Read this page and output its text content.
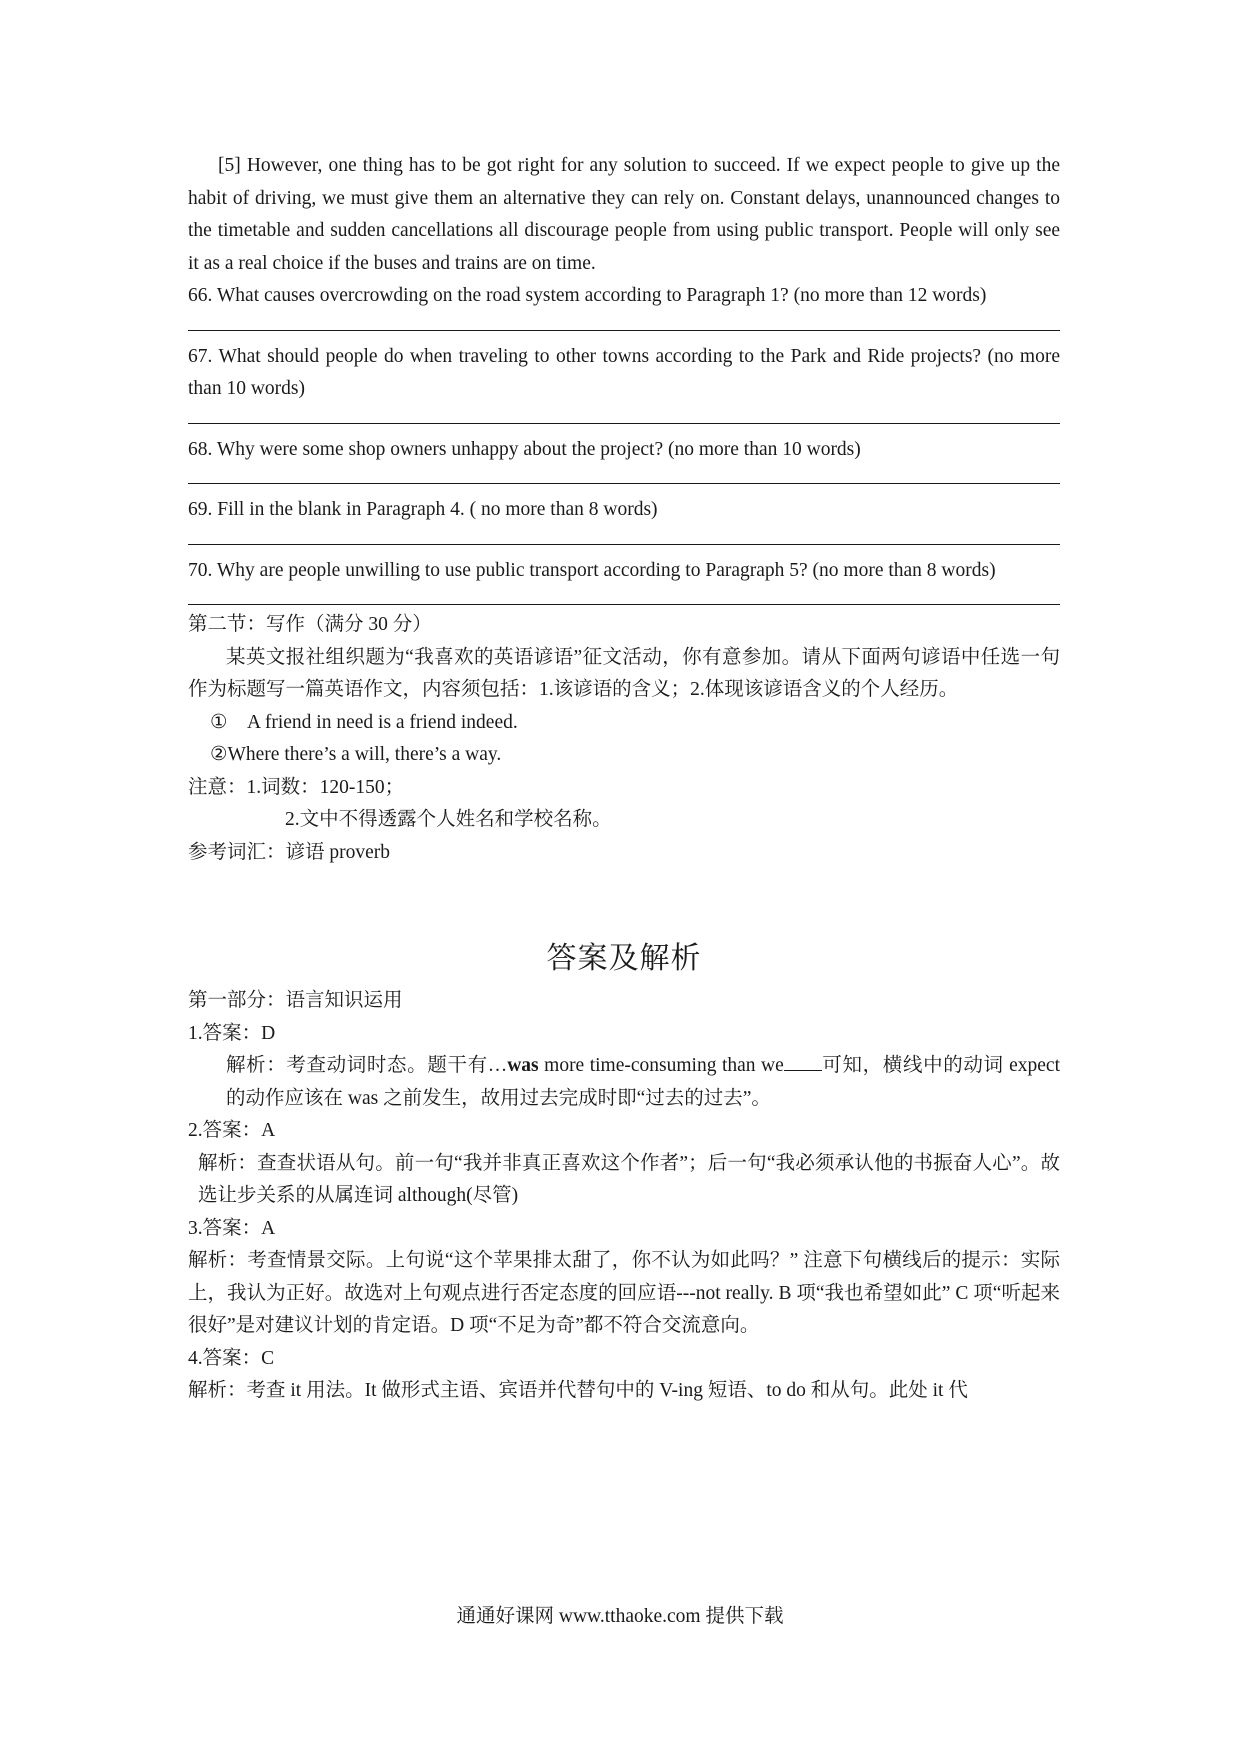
[5] However, one thing has to be got right for any solution to succeed. If we expect people to give up the habit of driving, we must give them an alternative they can rely on. Constant delays, unannounced changes to the timetable and sudden cancellations all discourage people from using public transport. People will only see it as a real choice if the buses and trains are on time.

66. What causes overcrowding on the road system according to Paragraph 1? (no more than 12 words)

67. What should people do when traveling to other towns according to the Park and Ride projects? (no more than 10 words)

68. Why were some shop owners unhappy about the project? (no more than 10 words)

69. Fill in the blank in Paragraph 4. ( no more than 8 words)

70. Why are people unwilling to use public transport according to Paragraph 5? (no more than 8 words)

第二节：写作（满分 30 分）

某英文报社组织题为“我喜欢的英语谚语”征文活动，你有意参加。请从下面两句谚语中任选一句作为标题写一篇英语作文，内容须包括：1.该谚语的含义；2.体现该谚语含义的个人经历。

①　A friend in need is a friend indeed.

②Where there’s a will, there’s a way.

注意：1.词数：120-150；

2.文中不得透露个人姓名和学校名称。

参考词汇：谚语 proverb

答案及解析

第一部分：语言知识运用

1.答案：D

解析：考查动词时态。题干有…was more time-consuming than we 可知，横线中的动词 expect 的动作应该在 was 之前发生，故用过去完成时即“过去的过去”。

2.答案：A

解析：查查状语从句。前一句“我并非真正喜欢这个作者”；后一句“我必须承认他的书振奋人心”。故选让步关系的从属连词 although(尽管)

3.答案：A

解析：考查情景交际。上句说“这个苹果排太甜了，你不认为如此吗？” 注意下句横线后的提示：实际上，我认为正好。故选对上句观点进行否定态度的回应语---not really. B 项“我也希望如此” C 项“听起来很好”是对建议计划的肯定语。D 项“不足为奇”都不符合交流意向。

4.答案：C

解析：考查 it 用法。It 做形式主语、宾语并代替句中的 V-ing 短语、to do 和从句。此处 it 代

通通好课网 www.tthaoke.com 提供下载
